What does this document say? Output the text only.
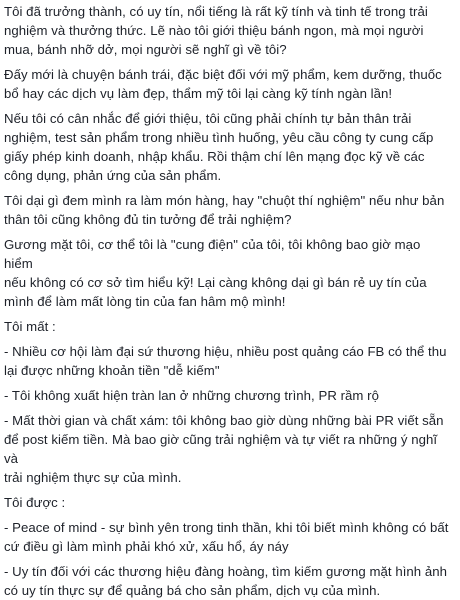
Tôi đã trưởng thành, có uy tín, nổi tiếng là rất kỹ tính và tinh tế trong trải
nghiệm và thưởng thức. Lẽ nào tôi giới thiệu bánh ngon, mà mọi người
mua, bánh nhỡ dở, mọi người sẽ nghĩ gì về tôi?

Đấy mới là chuyện bánh trái, đặc biệt đối với mỹ phẩm, kem dưỡng, thuốc
bổ hay các dịch vụ làm đẹp, thẩm mỹ tôi lại càng kỹ tính ngàn lần!

Nếu tôi có cân nhắc để giới thiệu, tôi cũng phải chính tự bản thân trải
nghiệm, test sản phẩm trong nhiều tình huống, yêu cầu công ty cung cấp
giấy phép kinh doanh, nhập khẩu. Rồi thậm chí lên mạng đọc kỹ về các
công dụng, phản ứng của sản phẩm.

Tôi dại gì đem mình ra làm món hàng, hay "chuột thí nghiệm" nếu như bản
thân tôi cũng không đủ tin tưởng để trải nghiệm?

Gương mặt tôi, cơ thể tôi là "cung điện" của tôi, tôi không bao giờ mạo hiểm
nếu không có cơ sở tìm hiểu kỹ! Lại càng không dại gì bán rẻ uy tín của
mình để làm mất lòng tin của fan hâm mộ mình!

Tôi mất :

- Nhiều cơ hội làm đại sứ thương hiệu, nhiều post quảng cáo FB có thể thu
lại được những khoản tiền "dễ kiếm"

- Tôi không xuất hiện tràn lan ở những chương trình, PR rầm rộ

- Mất thời gian và chất xám: tôi không bao giờ dùng những bài PR viết sẵn
để post kiếm tiền. Mà bao giờ cũng trải nghiệm và tự viết ra những ý nghĩ và
trải nghiệm thực sự của mình.

Tôi được :

- Peace of mind - sự bình yên trong tinh thần, khi tôi biết mình không có bất
cứ điều gì làm mình phải khó xử, xấu hổ, áy náy

- Uy tín đối với các thương hiệu đàng hoàng, tìm kiếm gương mặt hình ảnh
có uy tín thực sự để quảng bá cho sản phẩm, dịch vụ của mình.
